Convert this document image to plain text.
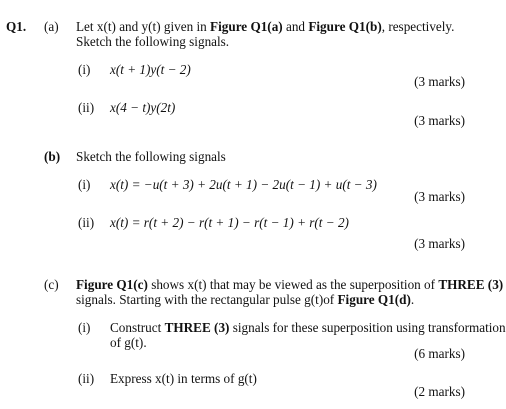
Q1. (a) Let x(t) and y(t) given in Figure Q1(a) and Figure Q1(b), respectively.
Sketch the following signals.
(i) x(t + 1)y(t − 2)
(3 marks)
(ii) x(4 − t)y(2t)
(3 marks)
(b) Sketch the following signals
(i) x(t) = −u(t + 3) + 2u(t + 1) − 2u(t − 1) + u(t − 3)
(3 marks)
(ii) x(t) = r(t + 2) − r(t + 1) − r(t − 1) + r(t − 2)
(3 marks)
(c) Figure Q1(c) shows x(t) that may be viewed as the superposition of THREE (3)
signals. Starting with the rectangular pulse g(t)of Figure Q1(d).
(i) Construct THREE (3) signals for these superposition using transformation
of g(t).
(6 marks)
(ii) Express x(t) in terms of g(t)
(2 marks)
